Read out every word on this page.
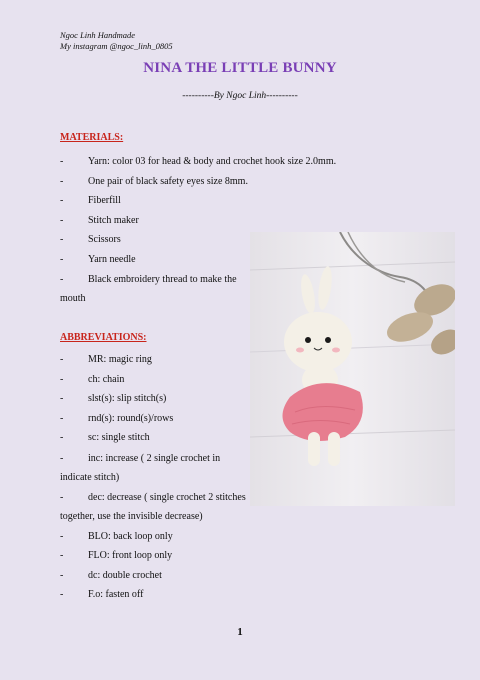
Ngoc Linh Handmade
My instagram @ngoc_linh_0805
NINA THE LITTLE BUNNY
----------By Ngoc Linh----------
MATERIALS:
- Yarn: color 03 for head & body and crochet hook size 2.0mm.
- One pair of black safety eyes size 8mm.
- Fiberfill
- Stitch maker
- Scissors
- Yarn needle
-	Black embroidery thread to make the mouth
ABBREVIATIONS:
- MR: magic ring
- ch: chain
- slst(s): slip stitch(s)
- rnd(s): round(s)/rows
- sc: single stitch
-	inc: increase ( 2 single crochet in indicate stitch)
-	dec: decrease ( single crochet 2 stitches together, use the invisible decrease)
- BLO: back loop only
- FLO: front loop only
- dc: double crochet
- F.o: fasten off
1
